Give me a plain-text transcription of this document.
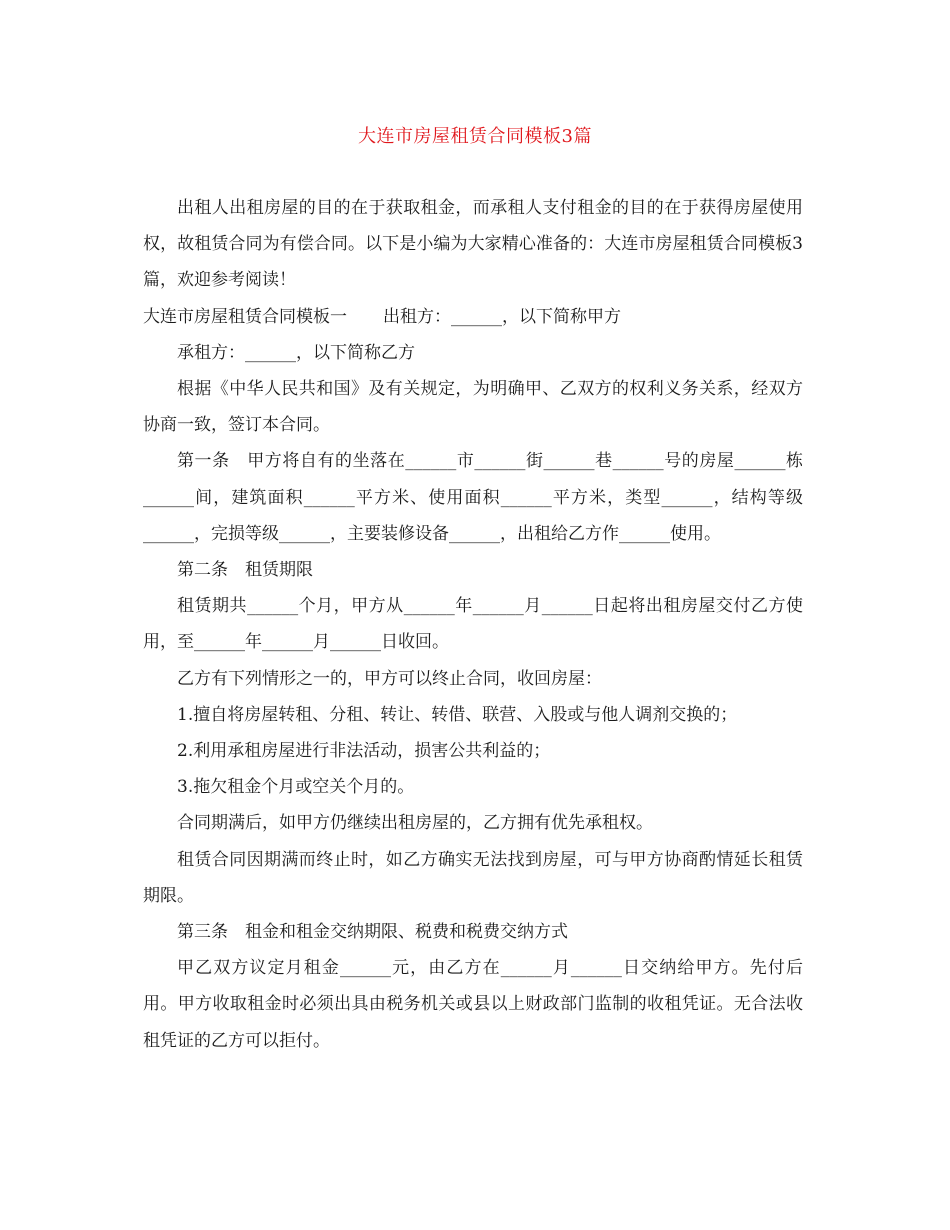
大连市房屋租赁合同模板3篇

出租人出租房屋的目的在于获取租金，而承租人支付租金的目的在于获得房屋使用权，故租赁合同为有偿合同。以下是小编为大家精心准备的：大连市房屋租赁合同模板3篇，欢迎参考阅读！

大连市房屋租赁合同模板一 出租方：______，以下简称甲方

承租方：______，以下简称乙方

根据《中华人民共和国》及有关规定，为明确甲、乙双方的权利义务关系，经双方协商一致，签订本合同。

第一条　甲方将自有的坐落在______市______街______巷______号的房屋______栋______间，建筑面积______平方米、使用面积______平方米，类型______，结构等级______，完损等级______，主要装修设备______，出租给乙方作______使用。

第二条　租赁期限

租赁期共______个月，甲方从______年______月______日起将出租房屋交付乙方使用，至______年______月______日收回。

乙方有下列情形之一的，甲方可以终止合同，收回房屋：

1.擅自将房屋转租、分租、转让、转借、联营、入股或与他人调剂交换的；

2.利用承租房屋进行非法活动，损害公共利益的；

3.拖欠租金个月或空关个月的。

合同期满后，如甲方仍继续出租房屋的，乙方拥有优先承租权。

租赁合同因期满而终止时，如乙方确实无法找到房屋，可与甲方协商酌情延长租赁期限。

第三条　租金和租金交纳期限、税费和税费交纳方式

甲乙双方议定月租金______元，由乙方在______月______日交纳给甲方。先付后用。甲方收取租金时必须出具由税务机关或县以上财政部门监制的收租凭证。无合法收租凭证的乙方可以拒付。
